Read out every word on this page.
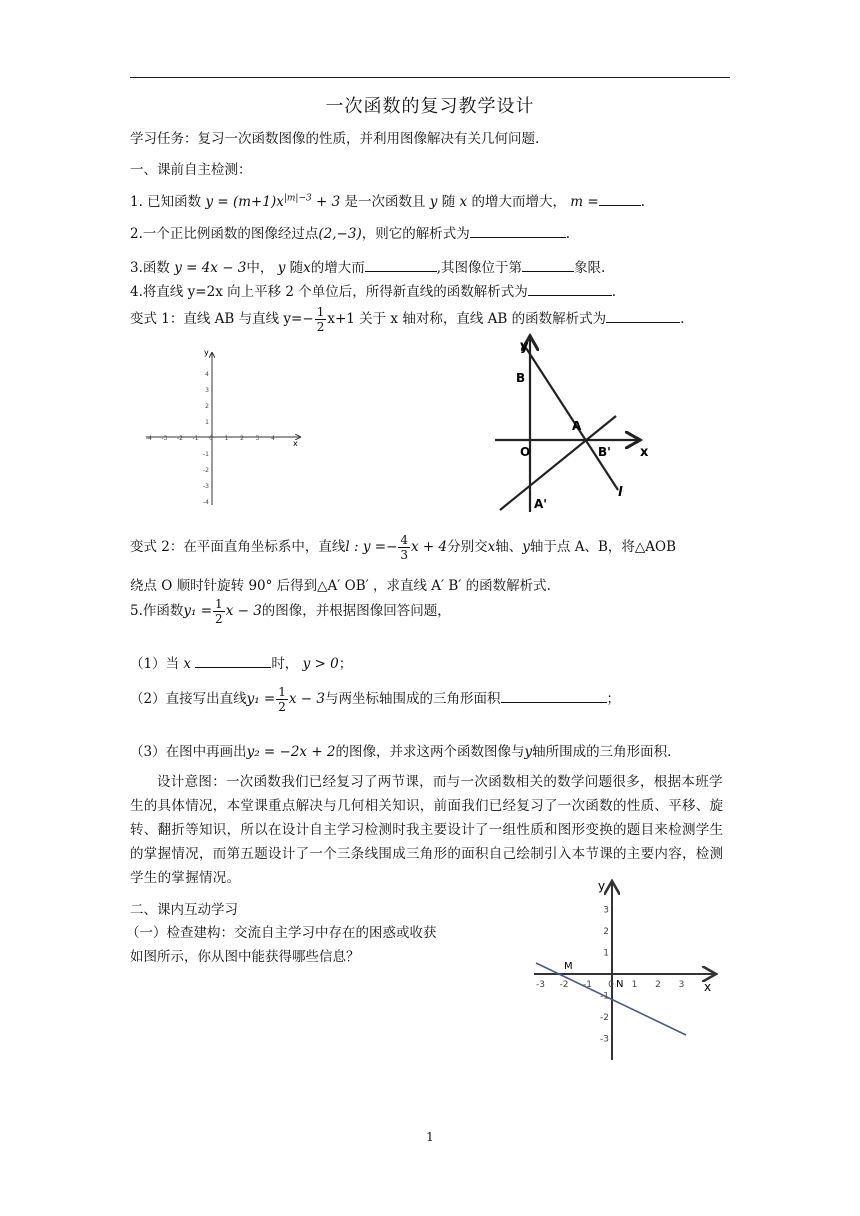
一次函数的复习教学设计
学习任务：复习一次函数图像的性质，并利用图像解决有关几何问题.
一、课前自主检测：
1. 已知函数 $y = (m+1)x^{|m|-3} + 3$ 是一次函数且 y 随 x 的增大而增大， m =	.
2.一个正比例函数的图像经过点(2,−3)，则它的解析式为	.
3.函数 y = 4x − 3中， y 随x的增大而	,其图像位于第	象限.
4.将直线 y=2x 向上平移 2 个单位后，所得新直线的函数解析式为	.
变式 1：直线 AB 与直线 $y=- \frac{1}{2} x+1$ 关于 x 轴对称，直线 AB 的函数解析式为	.
-4 -3 -2 -1 0 1 2 3 4
4
3
2
1
-1
-2
-3
-4
x
y	y
B
A
O	B' x
A'
l
变式 2：在平面直角坐标系中，直线l : $y =- \frac{4}{3}$ x + 4分别交x轴、y轴于点 A、B，将△AOB
绕点 O 顺时针旋转 90° 后得到△A′ OB′ ，求直线 A′ B′ 的函数解析式.
5.作函数$y_1 = \frac{1}{2}$ x − 3的图像，并根据图像回答问题，
（1）当 x	时， y > 0；
（2）直接写出直线$y_1 = \frac{1}{2}$ x − 3与两坐标轴围成的三角形面积	；
（3）在图中再画出y₂ = −2x + 2的图像，并求这两个函数图像与y轴所围成的三角形面积.
设计意图：一次函数我们已经复习了两节课，而与一次函数相关的数学问题很多，根据本班学生的具体情况，本堂课重点解决与几何相关知识，前面我们已经复习了一次函数的性质、平移、旋转、翻折等知识，所以在设计自主学习检测时我主要设计了一组性质和图形变换的题目来检测学生的掌握情况，而第五题设计了一个三条线围成三角形的面积自己绘制引入本节课的主要内容，检测学生的掌握情况。
二、课内互动学习
（一）检查建构：交流自主学习中存在的困惑或收获
如图所示，你从图中能获得哪些信息？
-3 -2 -1 0 1 2 3
3
2
1
-1
-2
-3
x
y
M
N
1
